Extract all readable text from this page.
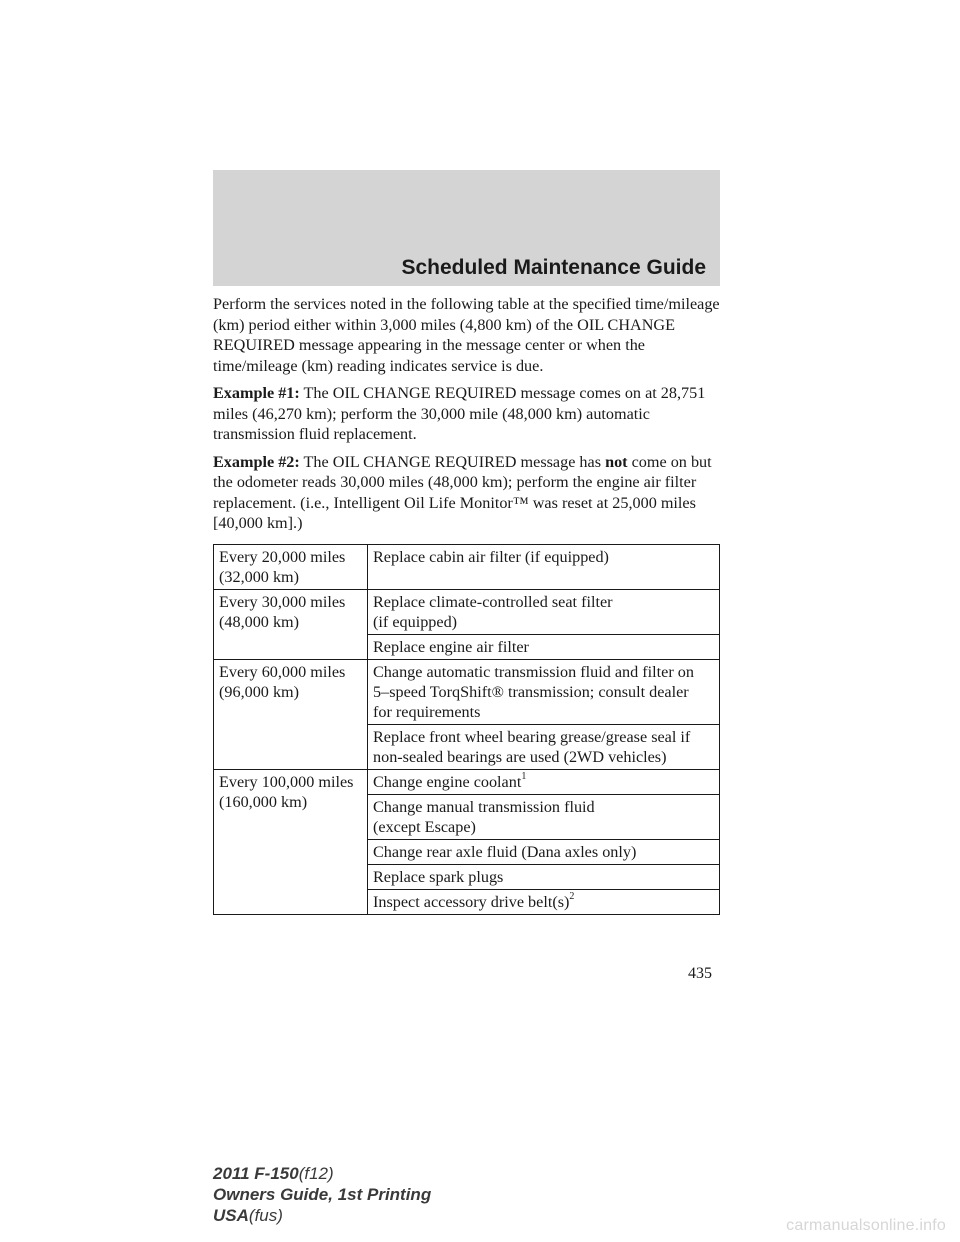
Scheduled Maintenance Guide

Perform the services noted in the following table at the specified time/mileage (km) period either within 3,000 miles (4,800 km) of the OIL CHANGE REQUIRED message appearing in the message center or when the time/mileage (km) reading indicates service is due.

Example #1: The OIL CHANGE REQUIRED message comes on at 28,751 miles (46,270 km); perform the 30,000 mile (48,000 km) automatic transmission fluid replacement.

Example #2: The OIL CHANGE REQUIRED message has not come on but the odometer reads 30,000 miles (48,000 km); perform the engine air filter replacement. (i.e., Intelligent Oil Life Monitor™ was reset at 25,000 miles [40,000 km].)

Every 20,000 miles
(32,000 km)	Replace cabin air filter (if equipped)
Every 30,000 miles
(48,000 km)	Replace climate-controlled seat filter
(if equipped)
	Replace engine air filter
Every 60,000 miles
(96,000 km)	Change automatic transmission fluid and filter on
5–speed TorqShift® transmission; consult dealer
for requirements
	Replace front wheel bearing grease/grease seal if
non-sealed bearings are used (2WD vehicles)
Every 100,000 miles
(160,000 km)	Change engine coolant$^1$
	Change manual transmission fluid
(except Escape)
	Change rear axle fluid (Dana axles only)
	Replace spark plugs
	Inspect accessory drive $belt(s)^2$
435
2011 F-150(f12)
Owners Guide, 1st Printing
USA(fus)
carmanualsonline.info
